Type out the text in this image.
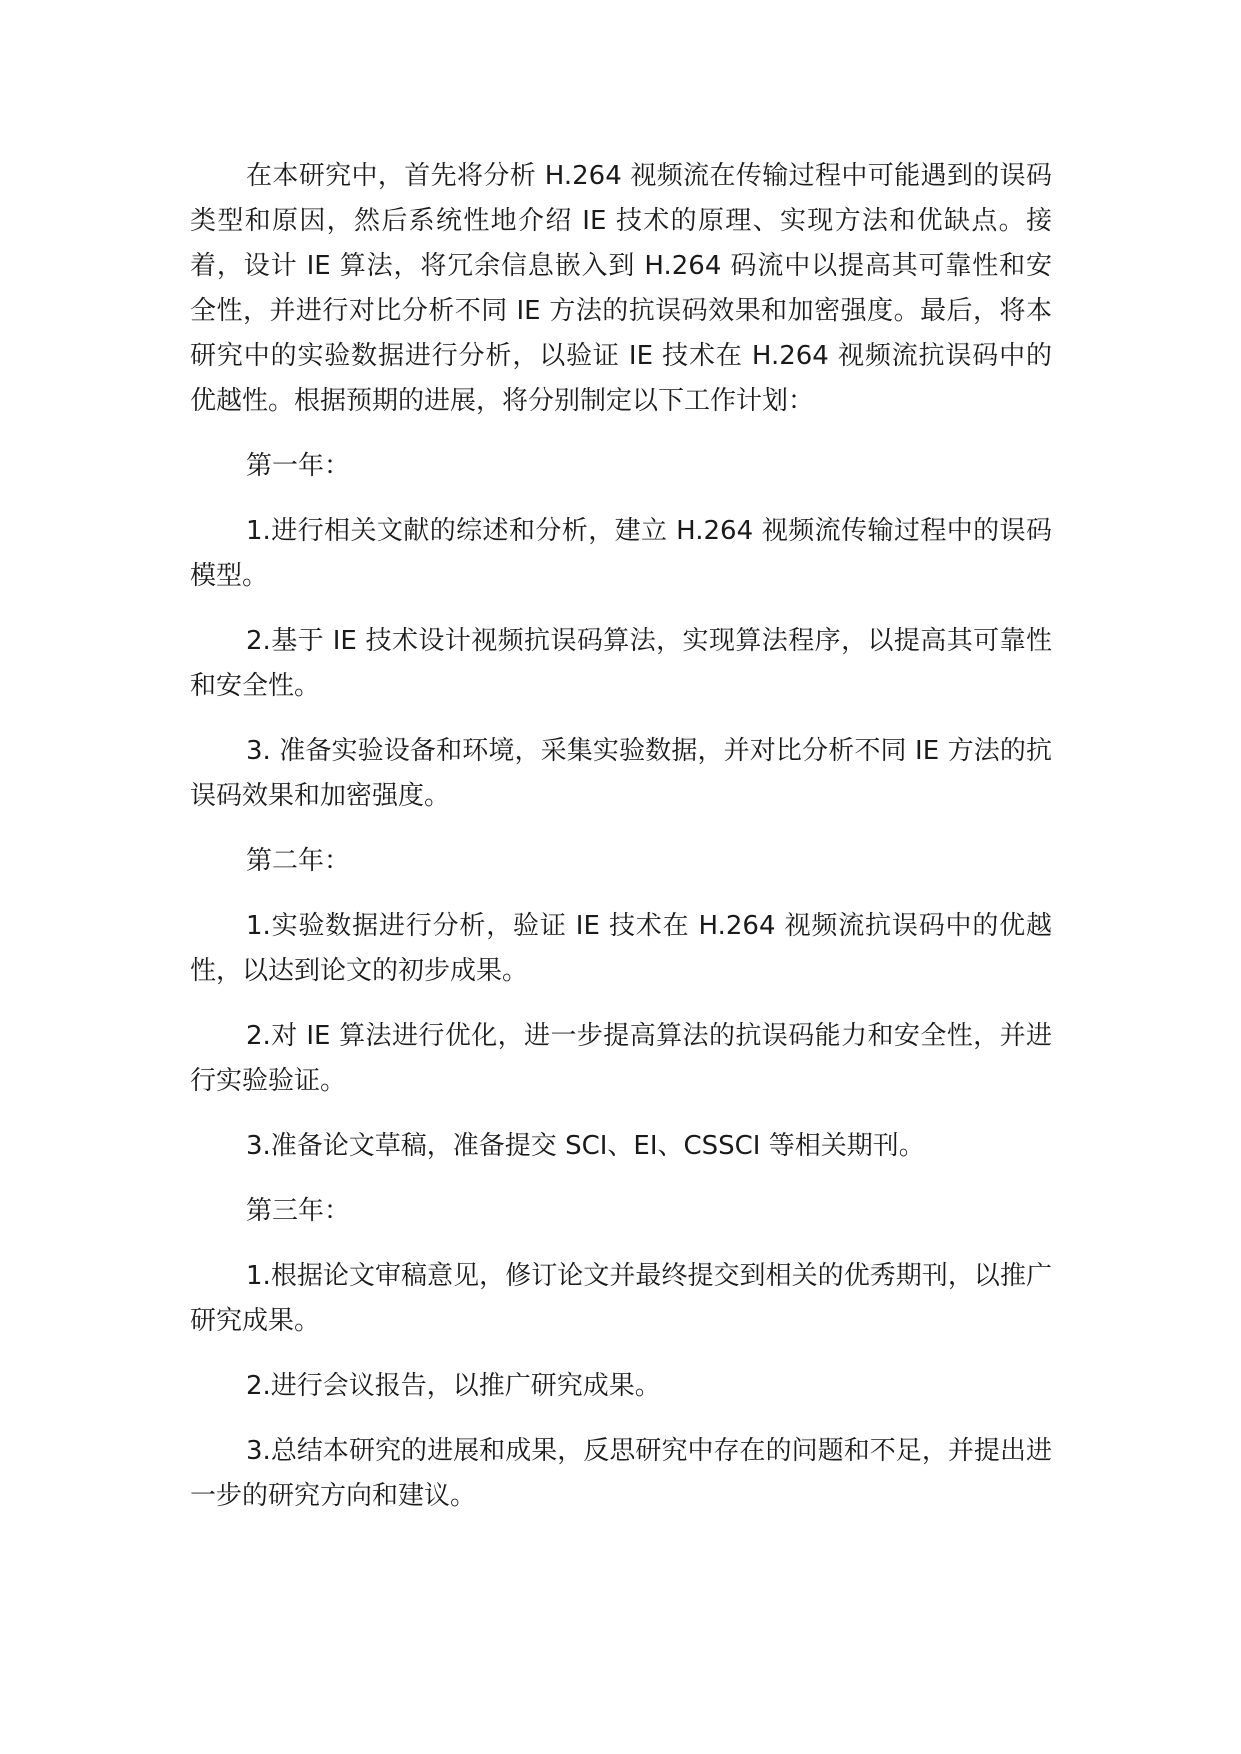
在本研究中，首先将分析 H.264 视频流在传输过程中可能遇到的误码类型和原因，然后系统性地介绍 IE 技术的原理、实现方法和优缺点。接着，设计 IE 算法，将冗余信息嵌入到 H.264 码流中以提高其可靠性和安全性，并进行对比分析不同 IE 方法的抗误码效果和加密强度。最后，将本研究中的实验数据进行分析，以验证 IE 技术在 H.264 视频流抗误码中的优越性。根据预期的进展，将分别制定以下工作计划：

第一年：

1.进行相关文献的综述和分析，建立 H.264 视频流传输过程中的误码模型。

2.基于 IE 技术设计视频抗误码算法，实现算法程序，以提高其可靠性和安全性。

3. 准备实验设备和环境，采集实验数据，并对比分析不同 IE 方法的抗误码效果和加密强度。

第二年：

1.实验数据进行分析，验证 IE 技术在 H.264 视频流抗误码中的优越性，以达到论文的初步成果。

2.对 IE 算法进行优化，进一步提高算法的抗误码能力和安全性，并进行实验验证。

3.准备论文草稿，准备提交 SCI、EI、CSSCI 等相关期刊。

第三年：

1.根据论文审稿意见，修订论文并最终提交到相关的优秀期刊，以推广研究成果。

2.进行会议报告，以推广研究成果。

3.总结本研究的进展和成果，反思研究中存在的问题和不足，并提出进一步的研究方向和建议。
